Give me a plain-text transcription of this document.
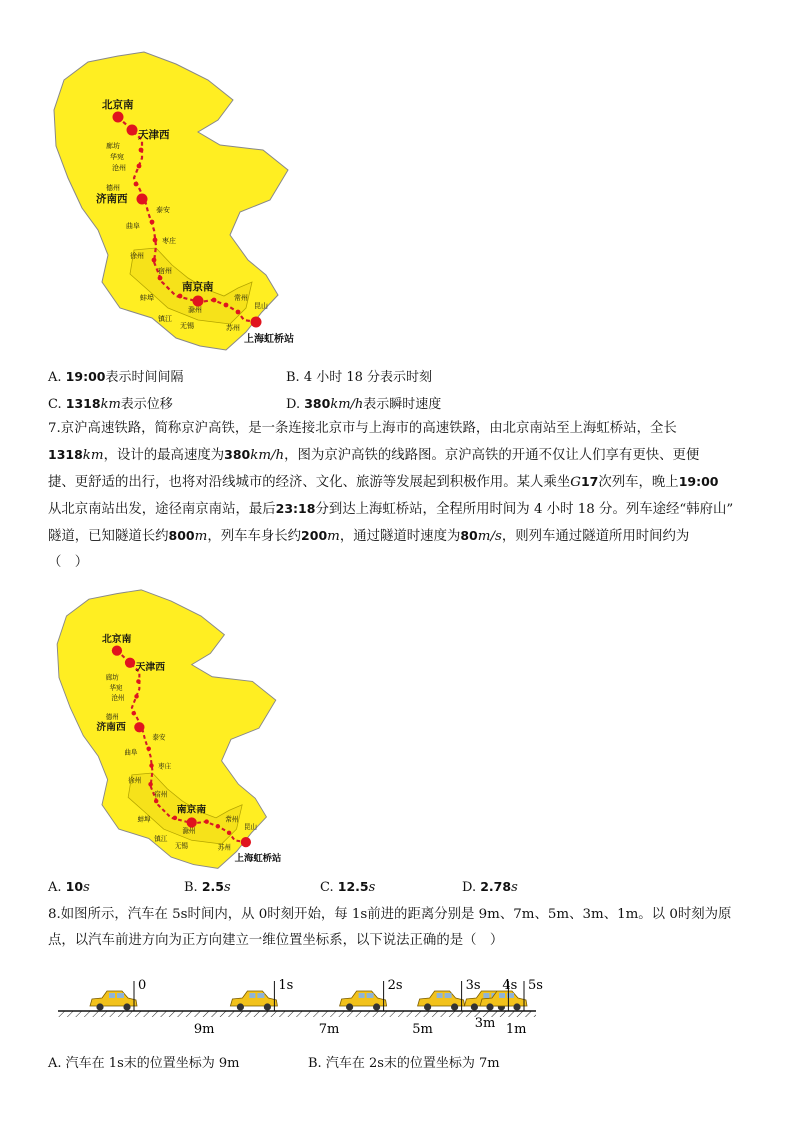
北京南
天津西
廊坊
华宛
沧州
德州
济南西
泰安
曲阜
枣庄
徐州
宿州
蚌埠
南京南
滁州
镇江
常州
无锡	苏州
昆山
上海虹桥站
A. 19:00表示时间间隔	B. 4 小时 18 分表示时刻
C. 1318km表示位移	D. 380km/h表示瞬时速度

7.京沪高速铁路，简称京沪高铁，是一条连接北京市与上海市的高速铁路，由北京南站至上海虹桥站，全长

1318km，设计的最高速度为380km/h，图为京沪高铁的线路图。京沪高铁的开通不仅让人们享有更快、更便

捷、更舒适的出行，也将对沿线城市的经济、文化、旅游等发展起到积极作用。某人乘坐G17次列车，晚上19:00

从北京南站出发，途径南京南站，最后23:18分到达上海虹桥站，全程所用时间为 4 小时 18 分。列车途经“韩府山”

隧道，已知隧道长约800m，列车车身长约200m，通过隧道时速度为80m/s，则列车通过隧道所用时间约为

（　）

北京南
天津西
廊坊
华宛
沧州
德州
济南西
泰安
曲阜
枣庄
徐州
宿州
蚌埠
南京南
滁州
镇江
常州
无锡	苏州
昆山
上海虹桥站
A. 10s	B. 2.5s	C. 12.5s	D. 2.78s

8.如图所示，汽车在 5s时间内，从 0时刻开始，每 1s前进的距离分别是 9m、7m、5m、3m、1m。以 0时刻为原

点，以汽车前进方向为正方向建立一维位置坐标系，以下说法正确的是（　）

0	1s	2s	3s 4s 5s
9m	7m	5m	3m 1m
A. 汽车在 1s末的位置坐标为 9m	B. 汽车在 2s末的位置坐标为 7m
